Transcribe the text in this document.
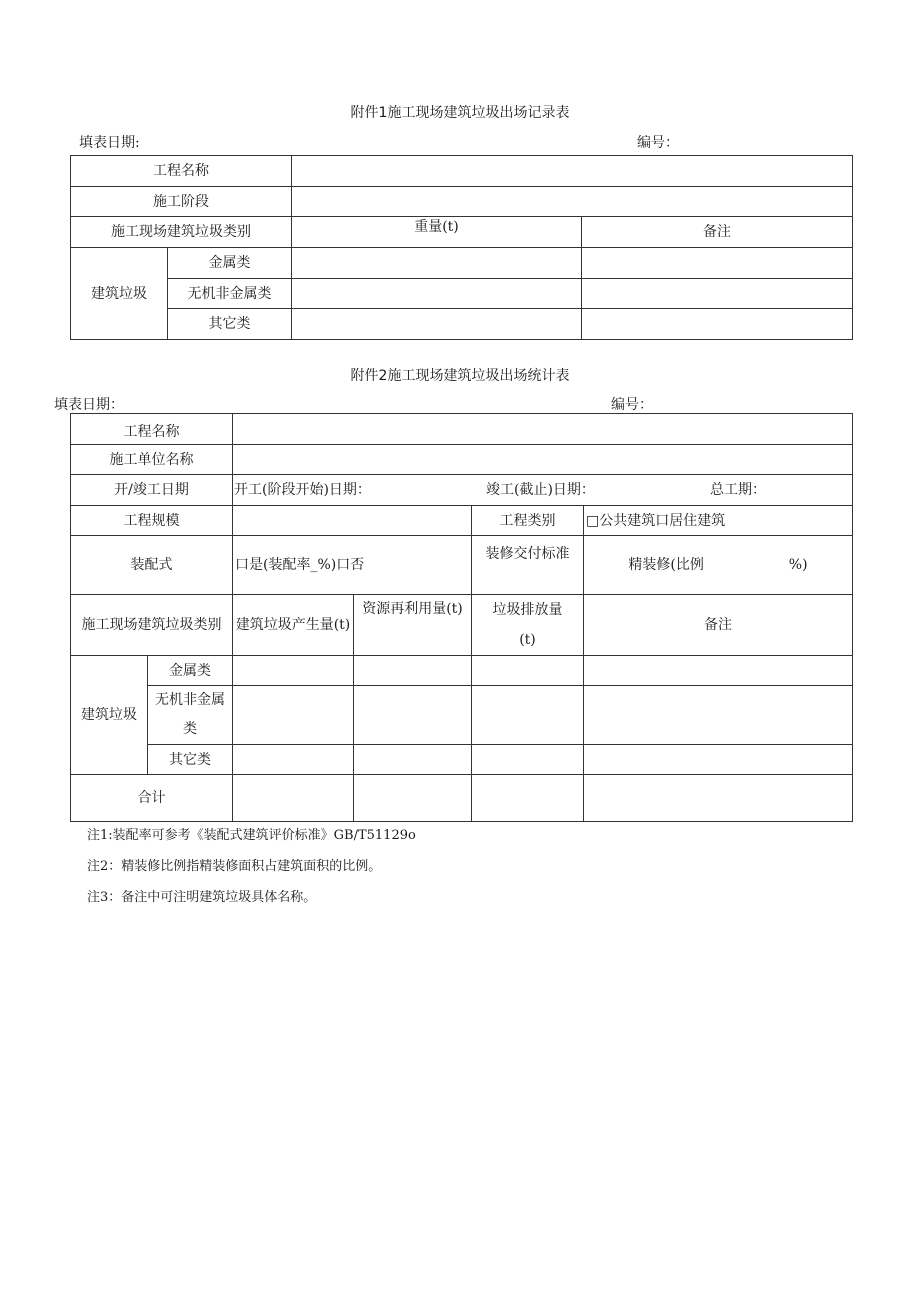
附件1施工现场建筑垃圾出场记录表
填表日期:	编号：
工程名称			
施工阶段			
施工现场建筑垃圾类别		重量(t)	备注
建筑垃圾	金属类		
	无机非金属类		
	其它类		
附件2施工现场建筑垃圾出场统计表
填表日期：	编号：
工程名称					
施工单位名称					
开/竣工日期		开工(阶段开始)日期： 竣工(截止)日期： 总工期：			

工程规模				工程类别	□公共建筑口居住建筑
装配式		口是(装配率_%)口否		装修交付标准	精装修(比例 %)
施工现场建筑垃圾类别		建筑垃圾产生量(t)	资源再利用量(t)	垃圾排放量(t)	备注
建筑垃圾	金属类				
	无机非金属类				
	其它类				
合计					
注1:装配率可参考《装配式建筑评价标准》GB/T51129o
注2：精装修比例指精装修面积占建筑面积的比例。
注3：备注中可注明建筑垃圾具体名称。
